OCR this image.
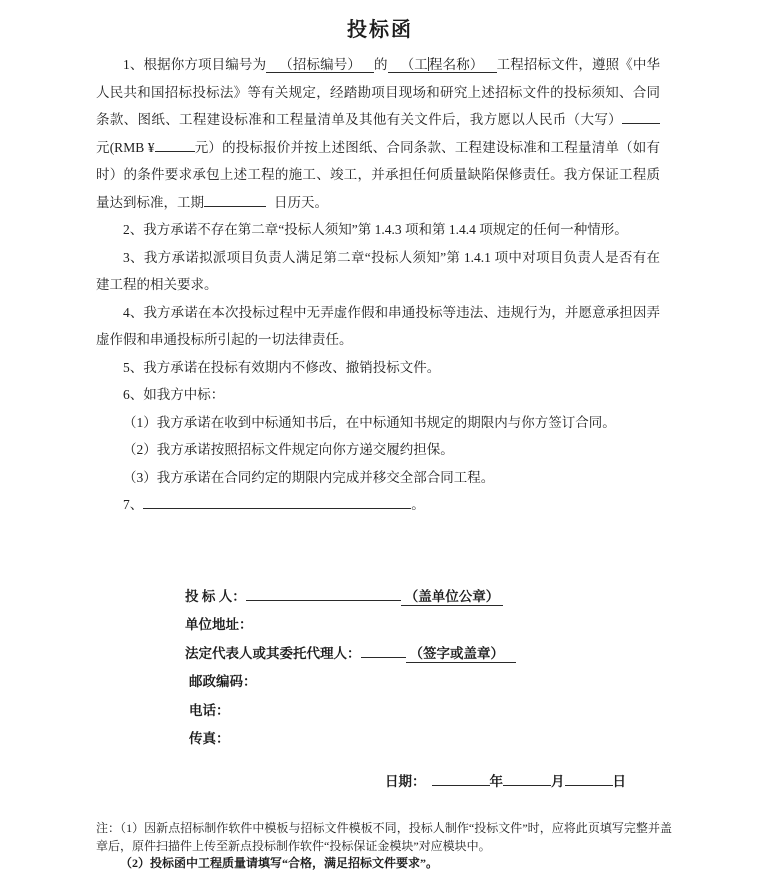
投标函

1、根据你方项目编号为 （招标编号） 的 （工程名称） 工程招标文件，遵照《中华人民共和国招标投标法》等有关规定，经踏勘项目现场和研究上述招标文件的投标须知、合同条款、图纸、工程建设标准和工程量清单及其他有关文件后，我方愿以人民币（大写）元(RMB ¥	元）的投标报价并按上述图纸、合同条款、工程建设标准和工程量清单（如有时）的条件要求承包上述工程的施工、竣工，并承担任何质量缺陷保修责任。我方保证工程质量达到标准，工期	日历天。

2、我方承诺不存在第二章“投标人须知”第 1.4.3 项和第 1.4.4 项规定的任何一种情形。

3、我方承诺拟派项目负责人满足第二章“投标人须知”第 1.4.1 项中对项目负责人是否有在建工程的相关要求。

4、我方承诺在本次投标过程中无弄虚作假和串通投标等违法、违规行为，并愿意承担因弄虚作假和串通投标所引起的一切法律责任。

5、我方承诺在投标有效期内不修改、撤销投标文件。

6、如我方中标：

（1）我方承诺在收到中标通知书后，在中标通知书规定的期限内与你方签订合同。

（2）我方承诺按照招标文件规定向你方递交履约担保。

（3）我方承诺在合同约定的期限内完成并移交全部合同工程。

7、	。

投 标 人：	（盖单位公章）
单位地址：
法定代表人或其委托代理人：	（签字或盖章）
邮政编码：
电话：
传真：
日期：	年	月	日

注：（1）因新点招标制作软件中模板与招标文件模板不同，投标人制作“投标文件”时，应将此页填写完整并盖章后，原件扫描件上传至新点投标制作软件“投标保证金模块”对应模块中。

（2）投标函中工程质量请填写“合格，满足招标文件要求”。
